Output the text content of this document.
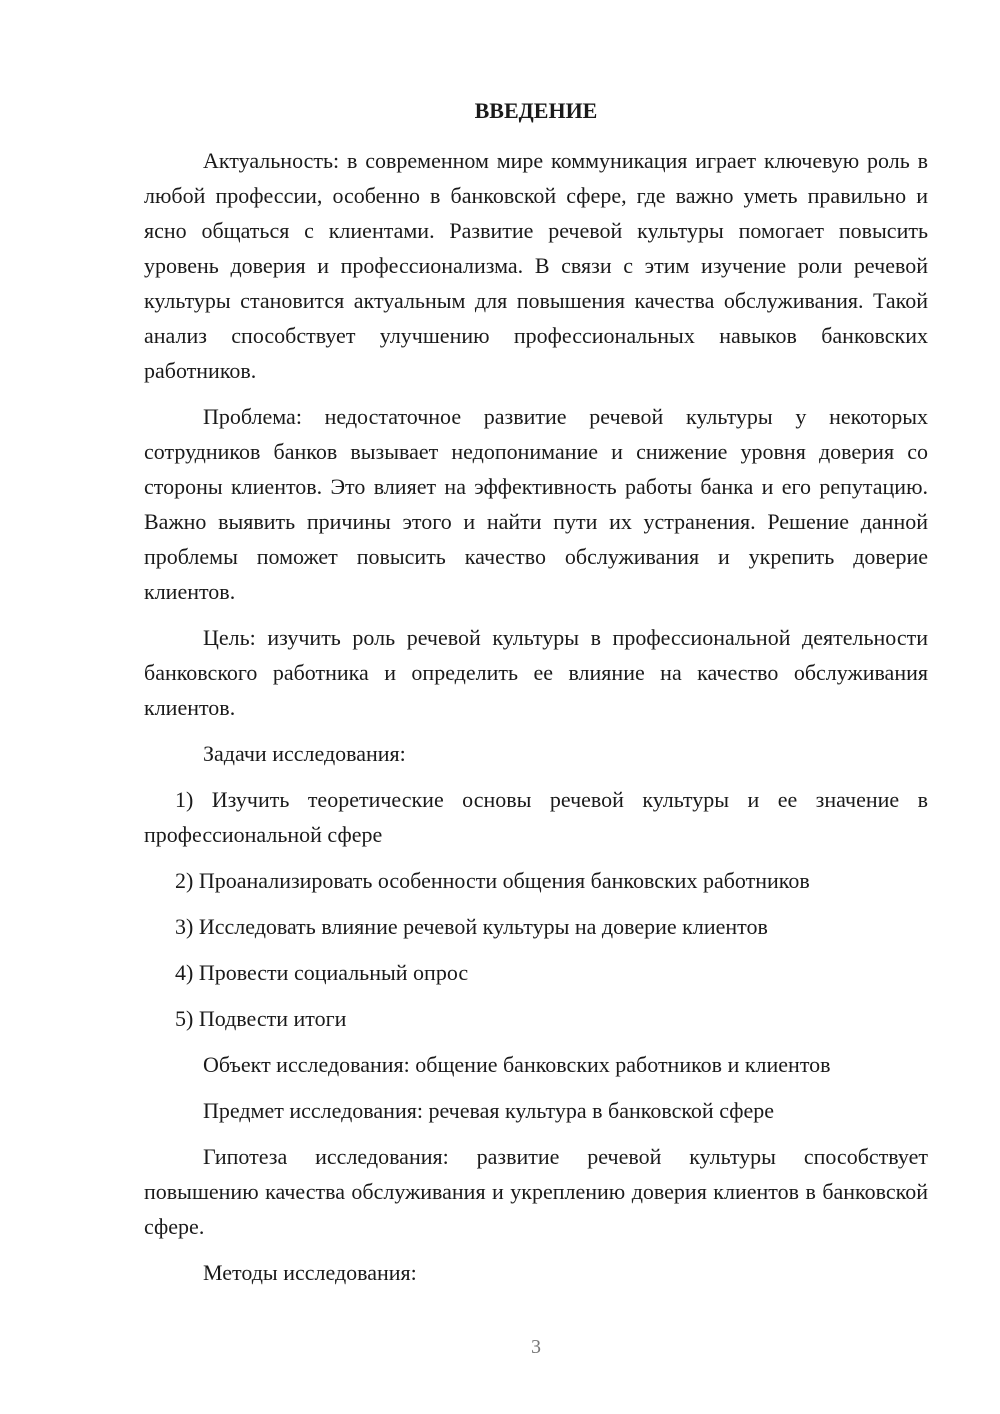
ВВЕДЕНИЕ

Актуальность: в современном мире коммуникация играет ключевую роль в любой профессии, особенно в банковской сфере, где важно уметь правильно и ясно общаться с клиентами. Развитие речевой культуры помогает повысить уровень доверия и профессионализма. В связи с этим изучение роли речевой культуры становится актуальным для повышения качества обслуживания. Такой анализ способствует улучшению профессиональных навыков банковских работников.

Проблема: недостаточное развитие речевой культуры у некоторых сотрудников банков вызывает недопонимание и снижение уровня доверия со стороны клиентов. Это влияет на эффективность работы банка и его репутацию. Важно выявить причины этого и найти пути их устранения. Решение данной проблемы поможет повысить качество обслуживания и укрепить доверие клиентов.

Цель: изучить роль речевой культуры в профессиональной деятельности банковского работника и определить ее влияние на качество обслуживания клиентов.

Задачи исследования:

1) Изучить теоретические основы речевой культуры и ее значение в профессиональной сфере

2) Проанализировать особенности общения банковских работников

3) Исследовать влияние речевой культуры на доверие клиентов

4) Провести социальный опрос

5) Подвести итоги

Объект исследования: общение банковских работников и клиентов

Предмет исследования: речевая культура в банковской сфере

Гипотеза исследования: развитие речевой культуры способствует повышению качества обслуживания и укреплению доверия клиентов в банковской сфере.

Методы исследования:

3
